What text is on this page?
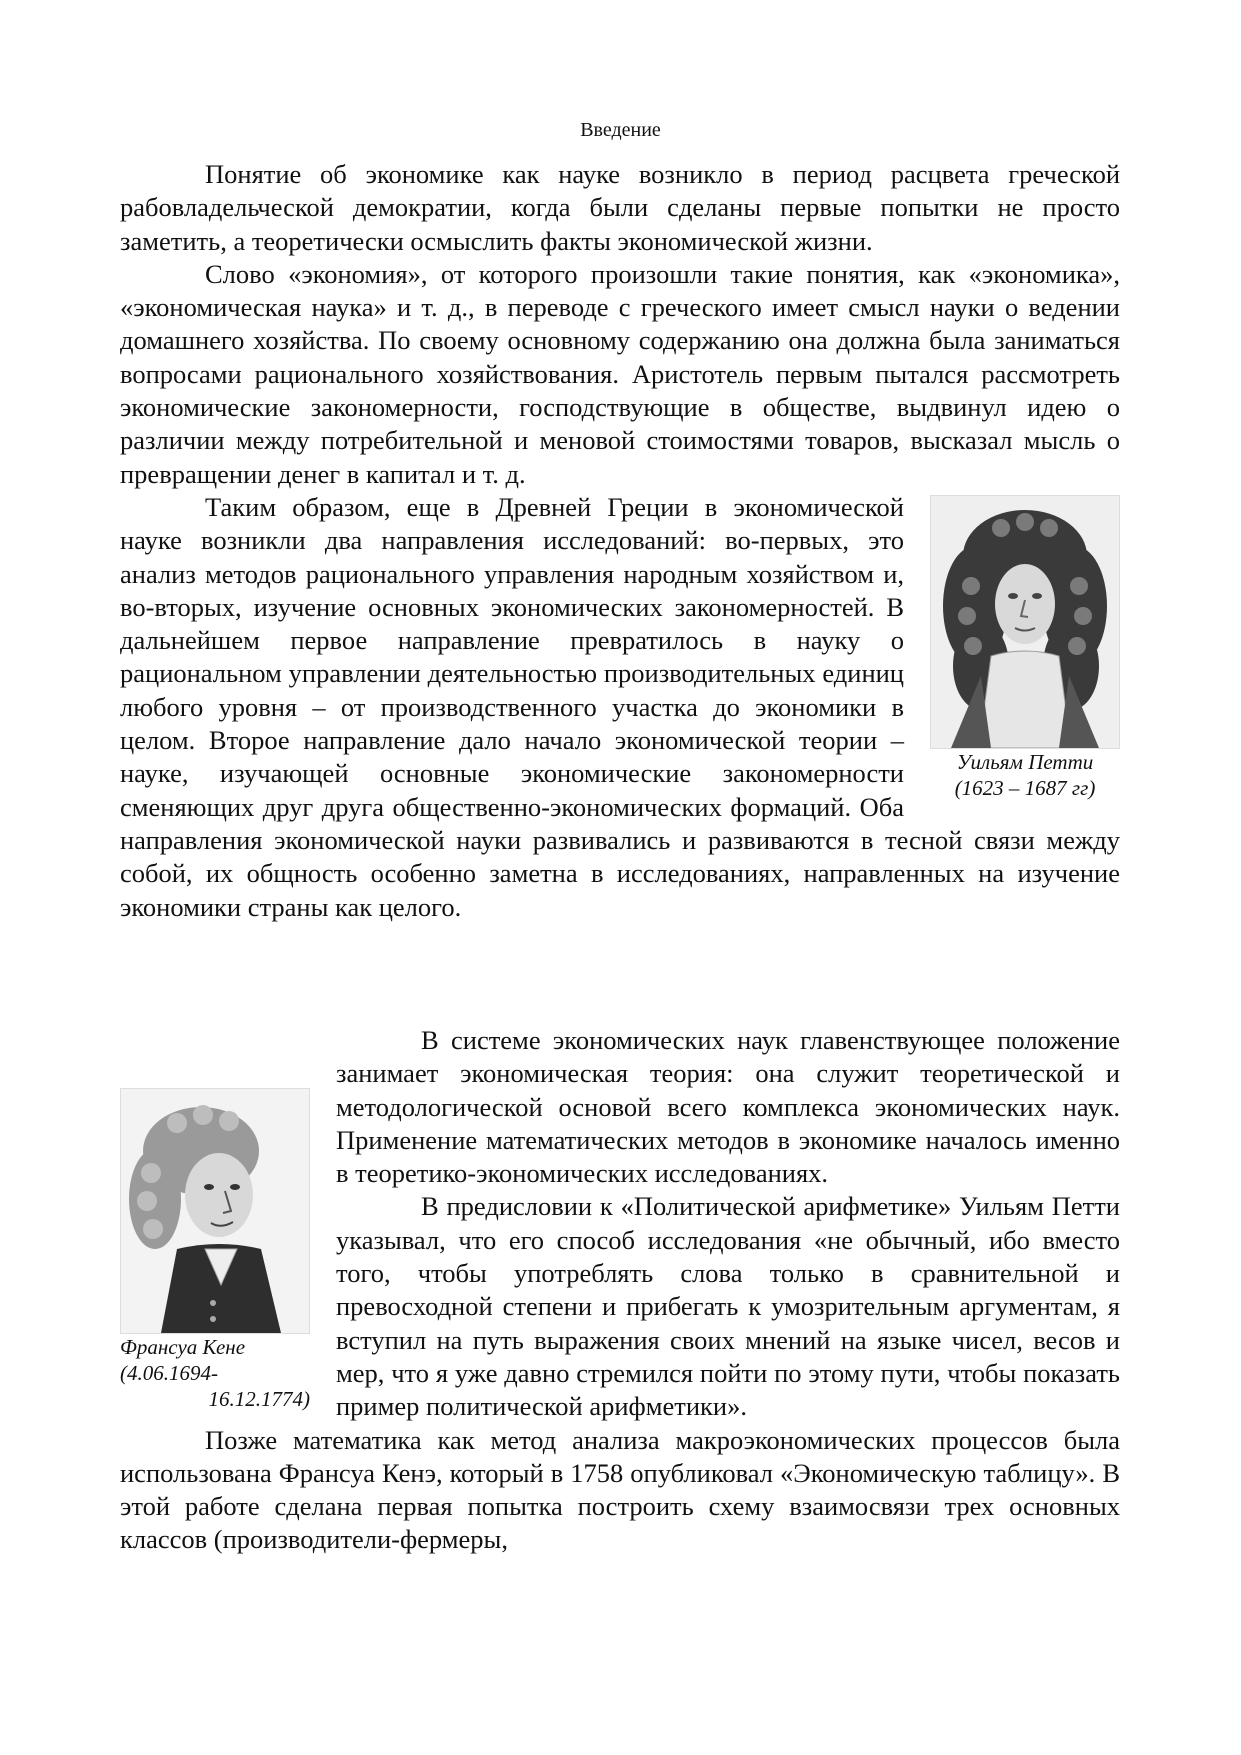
Введение

Понятие об экономике как науке возникло в период расцвета греческой рабовладельческой демократии, когда были сделаны первые попытки не просто заметить, а теоретически осмыслить факты экономической жизни.

Слово «экономия», от которого произошли такие понятия, как «экономика», «экономическая наука» и т. д., в переводе с греческого имеет смысл науки о ведении домашнего хозяйства. По своему основному содержанию она должна была заниматься вопросами рационального хозяйствования. Аристотель первым пытался рассмотреть экономические закономерности, господствующие в обществе, выдвинул идею о различии между потребительной и меновой стоимостями товаров, высказал мысль о превращении денег в капитал и т. д.

Уильям Петти

(1623 – 1687 гг)

Таким образом, еще в Древней Греции в экономической науке возникли два направления исследований: во-первых, это анализ методов рационального управления народным хозяйством и, во-вторых, изучение основных экономических закономерностей. В дальнейшем первое направление превратилось в науку о рациональном управлении деятельностью производительных единиц любого уровня – от производственного участка до экономики в целом. Второе направление дало начало экономической теории – науке, изучающей основные экономические закономерности сменяющих друг друга общественно-экономических формаций. Оба направления экономической науки развивались и развиваются в тесной связи между собой, их общность особенно заметна в исследованиях, направленных на изучение экономики страны как целого.

Франсуа Кене
(4.06.1694-
16.12.1774)

В системе экономических наук главенствующее положение занимает экономическая теория: она служит теоретической и методологической основой всего комплекса экономических наук. Применение математических методов в экономике началось именно в теоретико-экономических исследованиях.

В предисловии к «Политической арифметике» Уильям Петти указывал, что его способ исследования «не обычный, ибо вместо того, чтобы употреблять слова только в сравнительной и превосходной степени и прибегать к умозрительным аргументам, я вступил на путь выражения своих мнений на языке чисел, весов и мер, что я уже давно стремился пойти по этому пути, чтобы показать пример политической арифметики».

Позже математика как метод анализа макроэкономических процессов была использована Франсуа Кенэ, который в 1758 опубликовал «Экономическую таблицу». В этой работе сделана первая попытка построить схему взаимосвязи трех основных классов (производители-фермеры,
